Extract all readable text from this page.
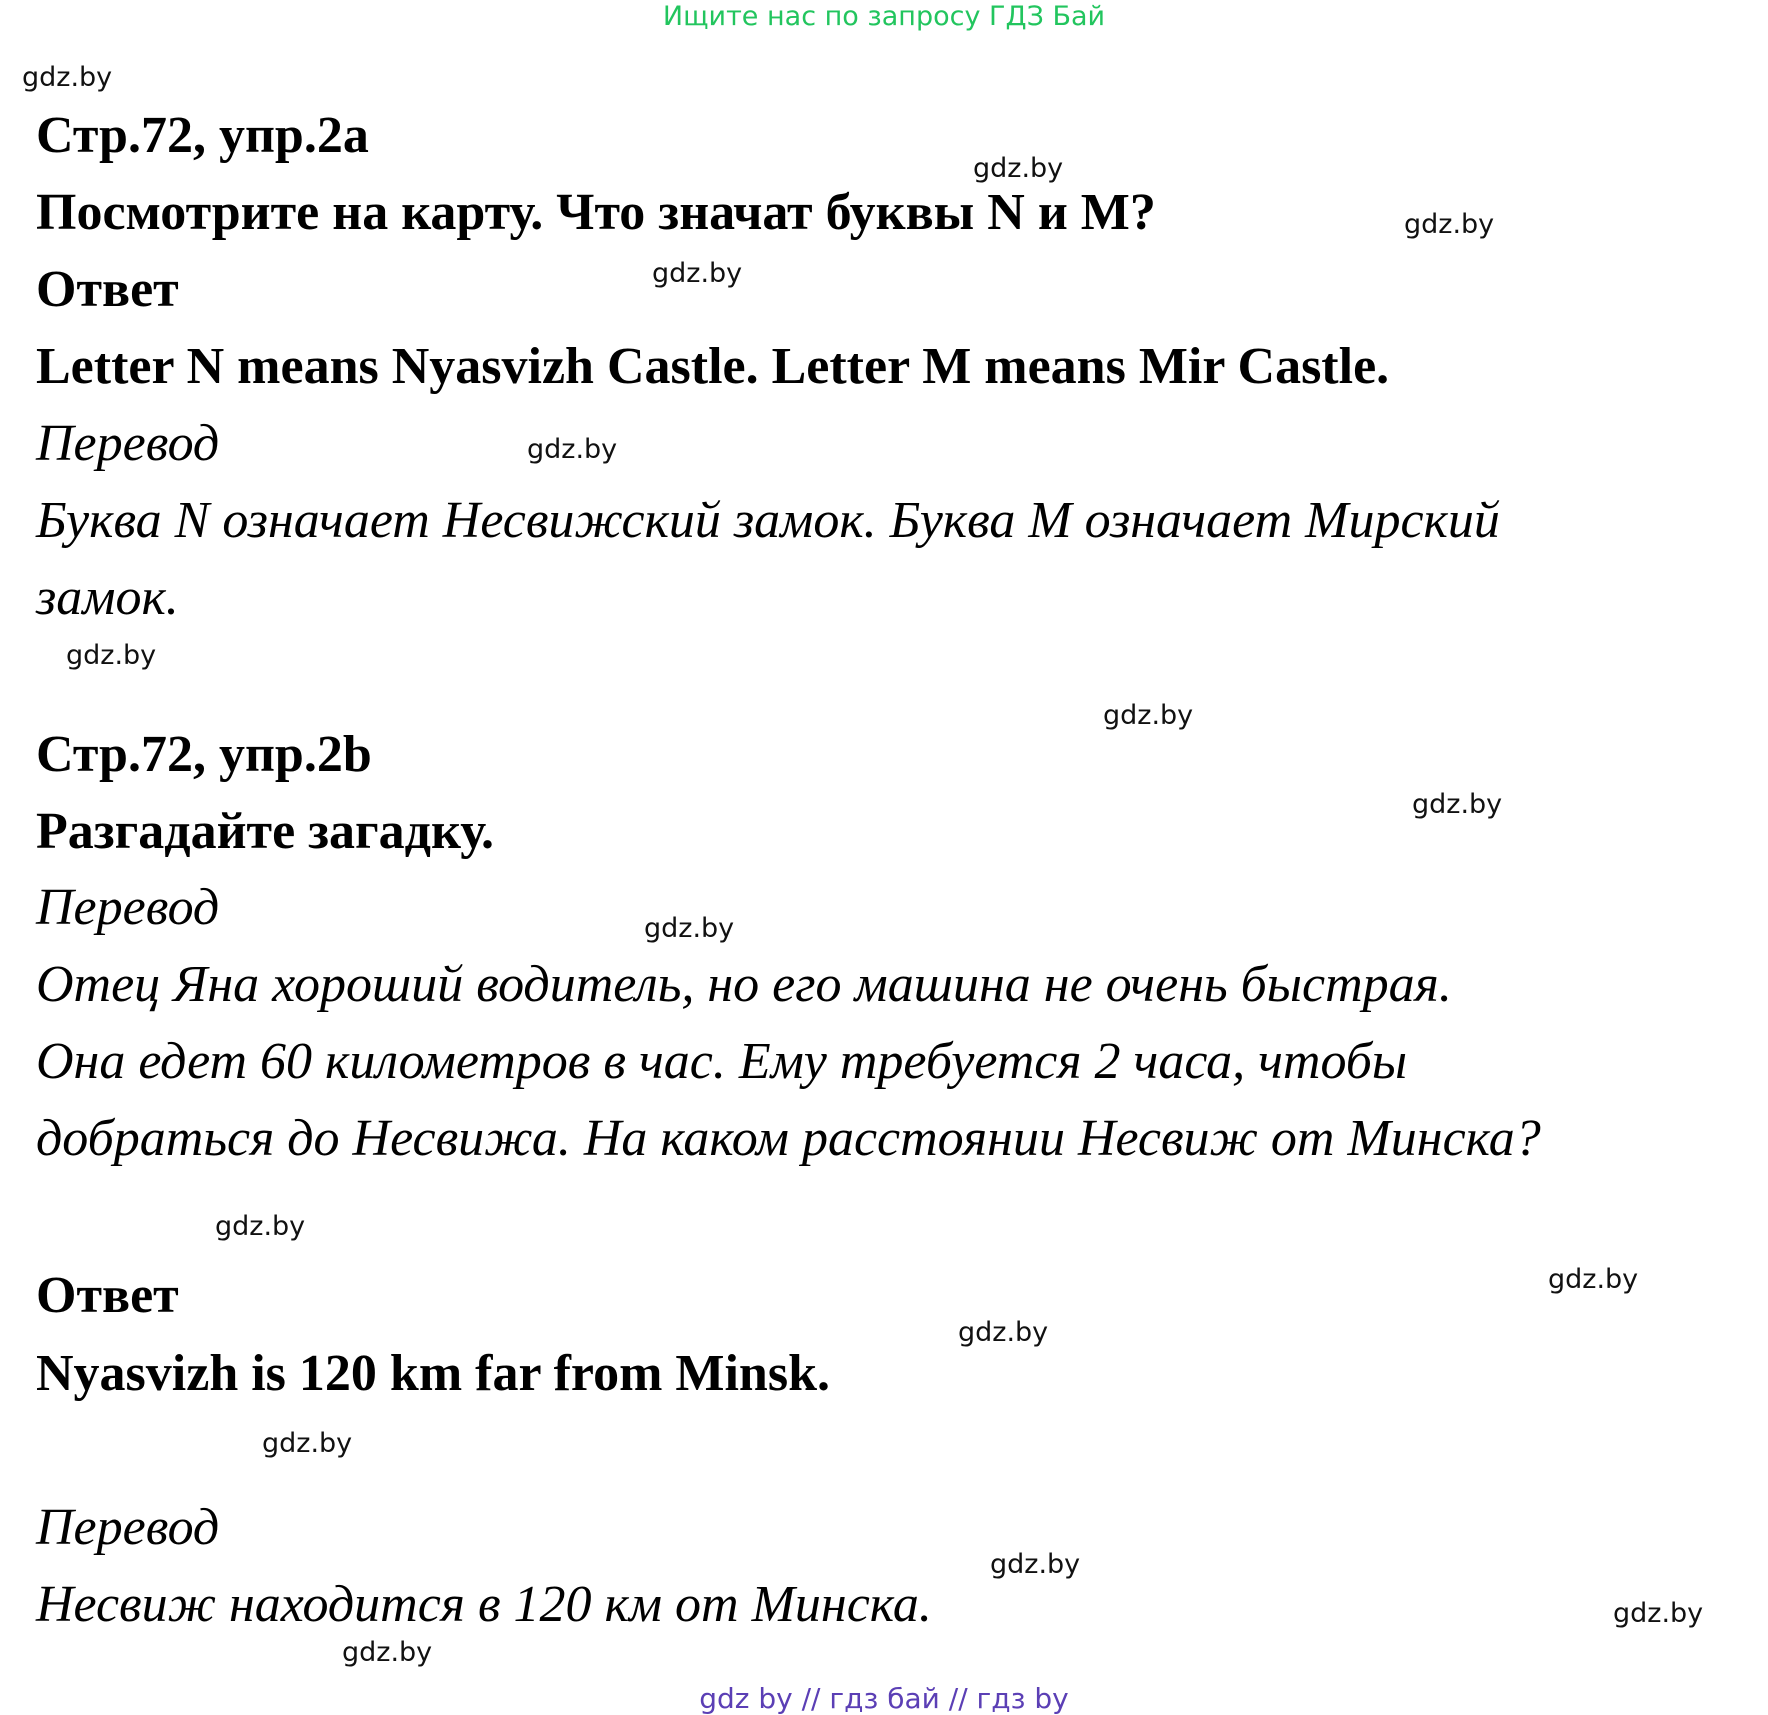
Ищите нас по запросу ГДЗ Бай
Стр.72, упр.2а
Посмотрите на карту. Что значат буквы N и M?
Ответ
Letter N means Nyasvizh Castle. Letter M means Mir Castle.
Перевод
Буква N означает Несвижский замок. Буква M означает Мирский
замок.
Стр.72, упр.2b
Разгадайте загадку.
Перевод
Отец Яна хороший водитель, но его машина не очень быстрая.
Она едет 60 километров в час. Ему требуется 2 часа, чтобы
добраться до Несвижа. На каком расстоянии Несвиж от Минска?
Ответ
Nyasvizh is 120 km far from Minsk.
Перевод
Несвиж находится в 120 км от Минска.
gdz.by
gdz.by
gdz.by
gdz.by
gdz.by
gdz.by
gdz.by
gdz.by
gdz.by
gdz.by
gdz.by
gdz.by
gdz.by
gdz.by
gdz.by
gdz.by
gdz by // гдз бай // гдз by
